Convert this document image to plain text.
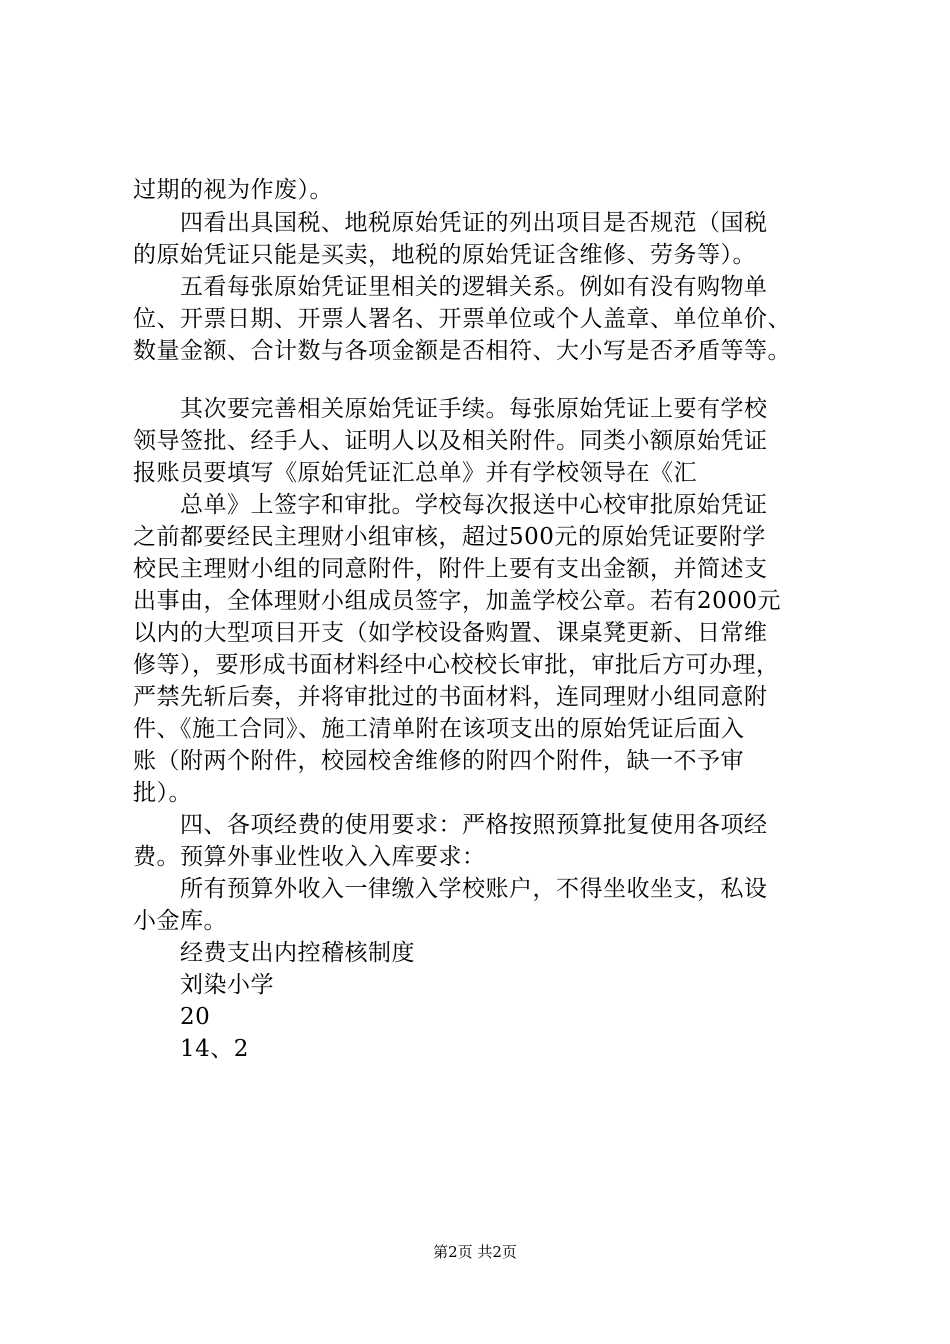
过期的视为作废）。
四看出具国税、地税原始凭证的列出项目是否规范（国税
的原始凭证只能是买卖，地税的原始凭证含维修、劳务等）。
五看每张原始凭证里相关的逻辑关系。例如有没有购物单
位、开票日期、开票人署名、开票单位或个人盖章、单位单价、
数量金额、合计数与各项金额是否相符、大小写是否矛盾等等。
其次要完善相关原始凭证手续。每张原始凭证上要有学校
领导签批、经手人、证明人以及相关附件。同类小额原始凭证
报账员要填写《原始凭证汇总单》并有学校领导在《汇
总单》上签字和审批。学校每次报送中心校审批原始凭证
之前都要经民主理财小组审核，超过500元的原始凭证要附学
校民主理财小组的同意附件，附件上要有支出金额，并简述支
出事由，全体理财小组成员签字，加盖学校公章。若有2000元
以内的大型项目开支（如学校设备购置、课桌凳更新、日常维
修等），要形成书面材料经中心校校长审批，审批后方可办理，
严禁先斩后奏，并将审批过的书面材料，连同理财小组同意附
件、《施工合同》、施工清单附在该项支出的原始凭证后面入
账（附两个附件，校园校舍维修的附四个附件，缺一不予审
批）。
四、各项经费的使用要求：严格按照预算批复使用各项经
费。预算外事业性收入入库要求：
所有预算外收入一律缴入学校账户，不得坐收坐支，私设
小金库。
经费支出内控稽核制度
刘染小学
20
14、2
第2页 共2页
